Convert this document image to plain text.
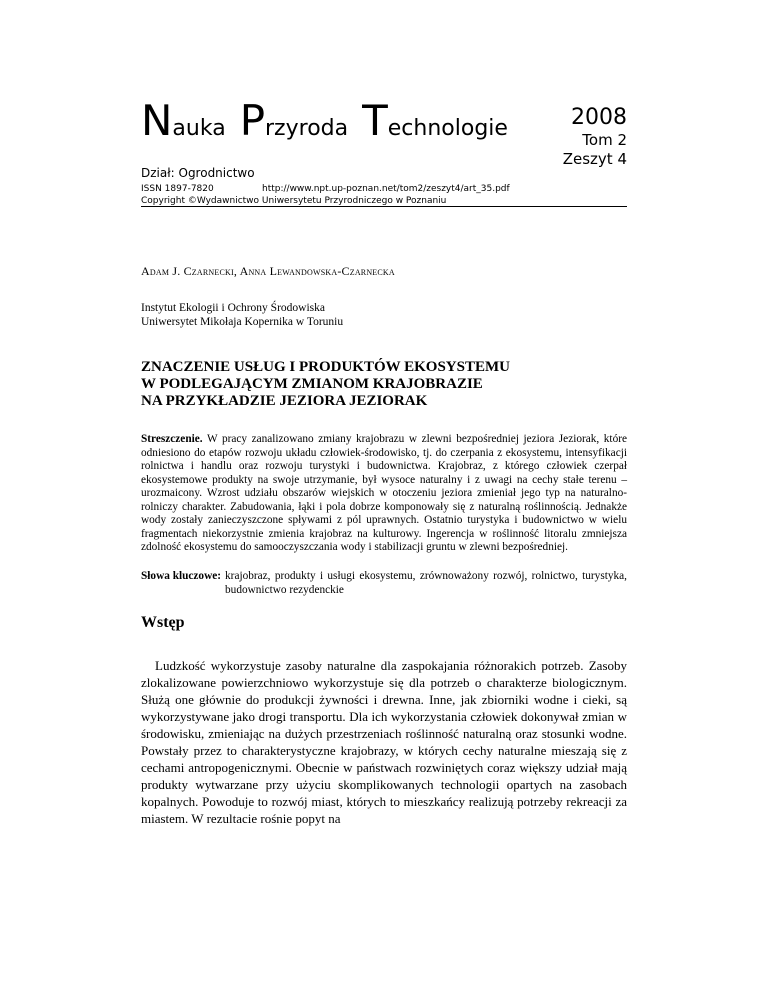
Nauka Przyroda Technologie	2008
Tom 2
Zeszyt 4
Dział: Ogrodnictwo
ISSN 1897-7820	http://www.npt.up-poznan.net/tom2/zeszyt4/art_35.pdf
Copyright ©Wydawnictwo Uniwersytetu Przyrodniczego w Poznaniu
Adam J. Czarnecki, Anna Lewandowska-Czarnecka
Instytut Ekologii i Ochrony Środowiska
Uniwersytet Mikołaja Kopernika w Toruniu
ZNACZENIE USŁUG I PRODUKTÓW EKOSYSTEMU
W PODLEGAJĄCYM ZMIANOM KRAJOBRAZIE
NA PRZYKŁADZIE JEZIORA JEZIORAK
Streszczenie. W pracy zanalizowano zmiany krajobrazu w zlewni bezpośredniej jeziora Jeziorak, które odniesiono do etapów rozwoju układu człowiek-środowisko, tj. do czerpania z ekosystemu, intensyfikacji rolnictwa i handlu oraz rozwoju turystyki i budownictwa. Krajobraz, z którego człowiek czerpał ekosystemowe produkty na swoje utrzymanie, był wysoce naturalny i z uwagi na cechy stałe terenu – urozmaicony. Wzrost udziału obszarów wiejskich w otoczeniu jeziora zmieniał jego typ na naturalno-rolniczy charakter. Zabudowania, łąki i pola dobrze komponowały się z naturalną roślinnością. Jednakże wody zostały zanieczyszczone spływami z pól uprawnych. Ostatnio turystyka i budownictwo w wielu fragmentach niekorzystnie zmienia krajobraz na kulturowy. Ingerencja w roślinność litoralu zmniejsza zdolność ekosystemu do samooczyszczania wody i stabilizacji gruntu w zlewni bezpośredniej.
Słowa kluczowe: krajobraz, produkty i usługi ekosystemu, zrównoważony rozwój, rolnictwo, turystyka, budownictwo rezydenckie
Wstęp
Ludzkość wykorzystuje zasoby naturalne dla zaspokajania różnorakich potrzeb. Zasoby zlokalizowane powierzchniowo wykorzystuje się dla potrzeb o charakterze biologicznym. Służą one głównie do produkcji żywności i drewna. Inne, jak zbiorniki wodne i cieki, są wykorzystywane jako drogi transportu. Dla ich wykorzystania człowiek dokonywał zmian w środowisku, zmieniając na dużych przestrzeniach roślinność naturalną oraz stosunki wodne. Powstały przez to charakterystyczne krajobrazy, w których cechy naturalne mieszają się z cechami antropogenicznymi. Obecnie w państwach rozwiniętych coraz większy udział mają produkty wytwarzane przy użyciu skomplikowanych technologii opartych na zasobach kopalnych. Powoduje to rozwój miast, których to mieszkańcy realizują potrzeby rekreacji za miastem. W rezultacie rośnie popyt na
